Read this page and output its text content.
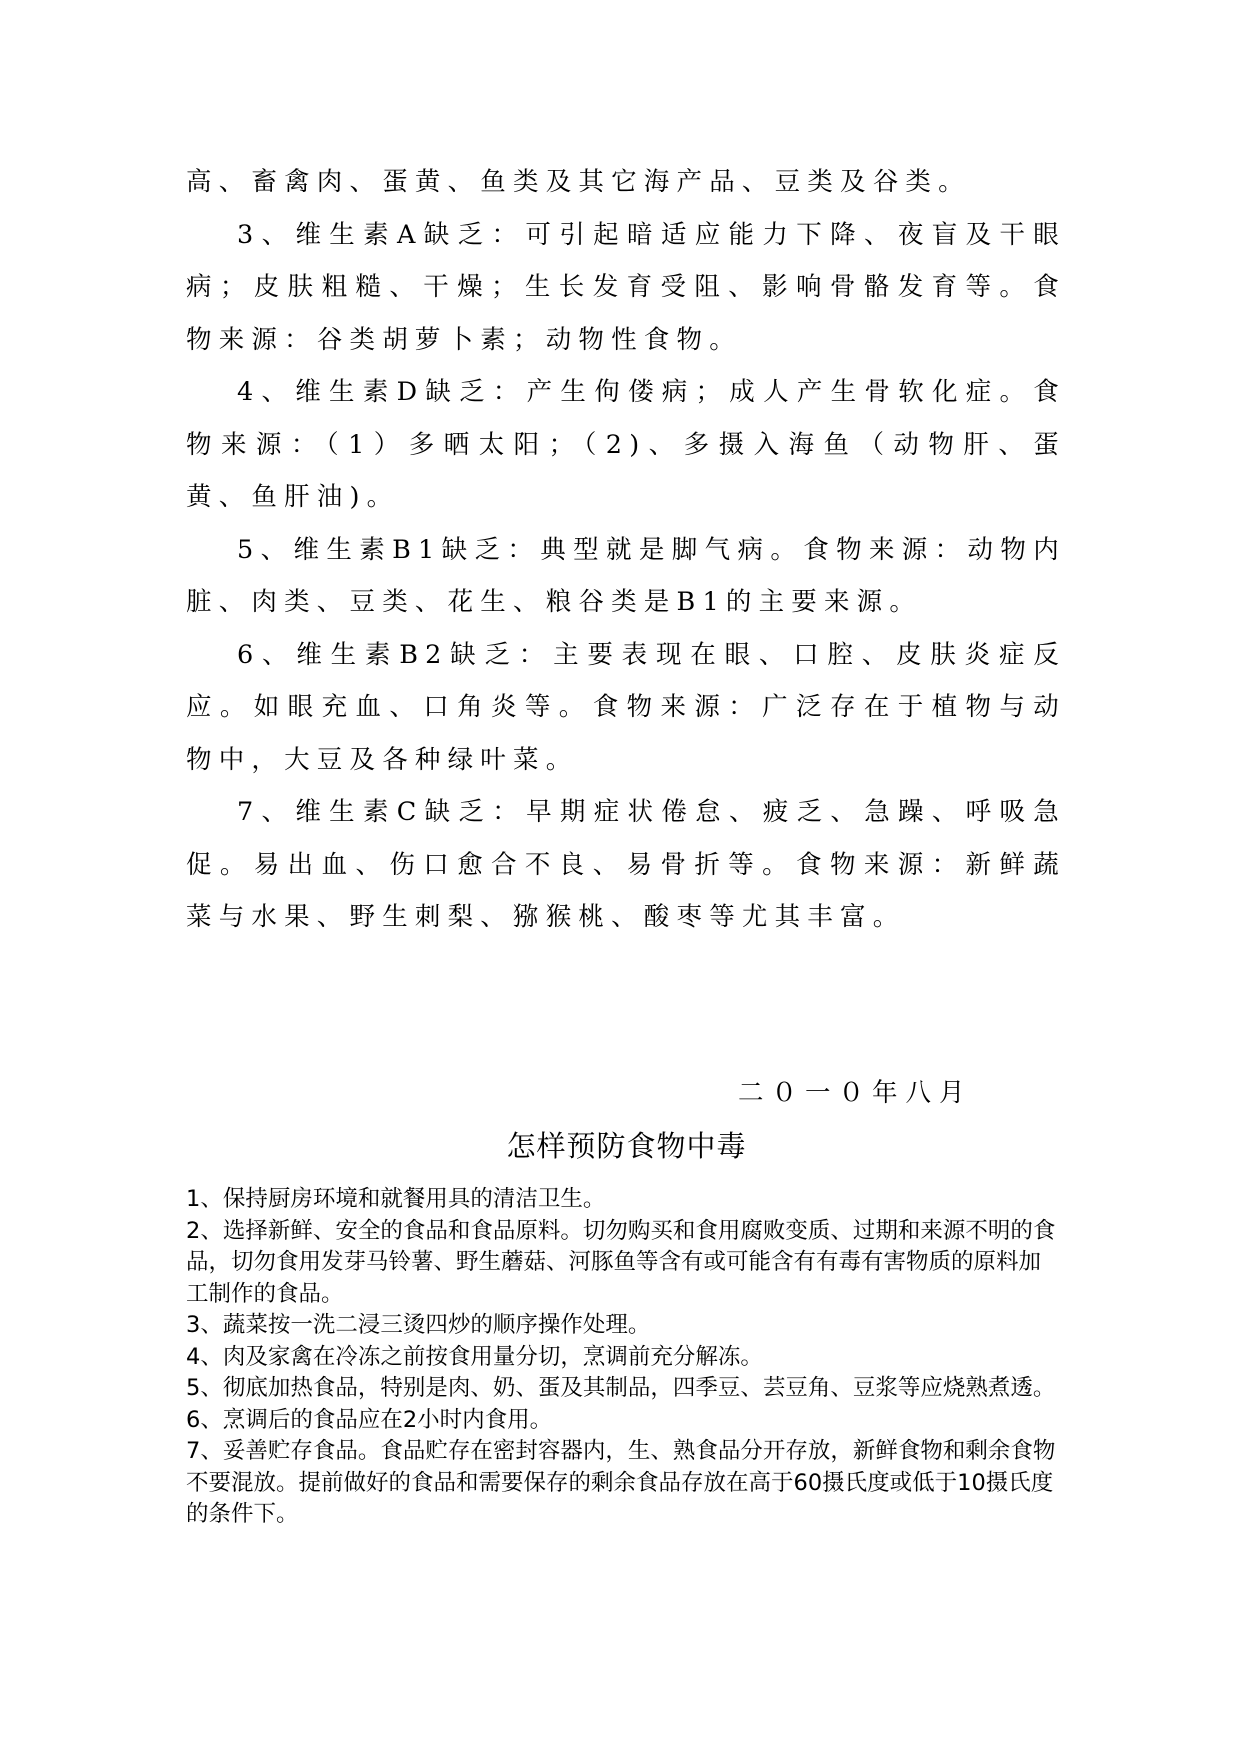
高、畜禽肉、蛋黄、鱼类及其它海产品、豆类及谷类。

3、维生素A缺乏：可引起暗适应能力下降、夜盲及干眼病；皮肤粗糙、干燥；生长发育受阻、影响骨骼发育等。食物来源：谷类胡萝卜素；动物性食物。

4、维生素D缺乏：产生佝偻病；成人产生骨软化症。食物来源：（1）多晒太阳；（2)、多摄入海鱼（动物肝、蛋黄、鱼肝油)。

5、维生素B1缺乏：典型就是脚气病。食物来源：动物内脏、肉类、豆类、花生、粮谷类是B1的主要来源。

6、维生素B2缺乏：主要表现在眼、口腔、皮肤炎症反应。如眼充血、口角炎等。食物来源：广泛存在于植物与动物中，大豆及各种绿叶菜。

7、维生素C缺乏：早期症状倦怠、疲乏、急躁、呼吸急促。易出血、伤口愈合不良、易骨折等。食物来源：新鲜蔬菜与水果、野生刺梨、猕猴桃、酸枣等尤其丰富。

二０一０年八月
怎样预防食物中毒

1、保持厨房环境和就餐用具的清洁卫生。

2、选择新鲜、安全的食品和食品原料。切勿购买和食用腐败变质、过期和来源不明的食品，切勿食用发芽马铃薯、野生蘑菇、河豚鱼等含有或可能含有有毒有害物质的原料加工制作的食品。

3、蔬菜按一洗二浸三烫四炒的顺序操作处理。

4、肉及家禽在冷冻之前按食用量分切，烹调前充分解冻。

5、彻底加热食品，特别是肉、奶、蛋及其制品，四季豆、芸豆角、豆浆等应烧熟煮透。

6、烹调后的食品应在2小时内食用。

7、妥善贮存食品。食品贮存在密封容器内，生、熟食品分开存放，新鲜食物和剩余食物不要混放。提前做好的食品和需要保存的剩余食品存放在高于60摄氏度或低于10摄氏度的条件下。
